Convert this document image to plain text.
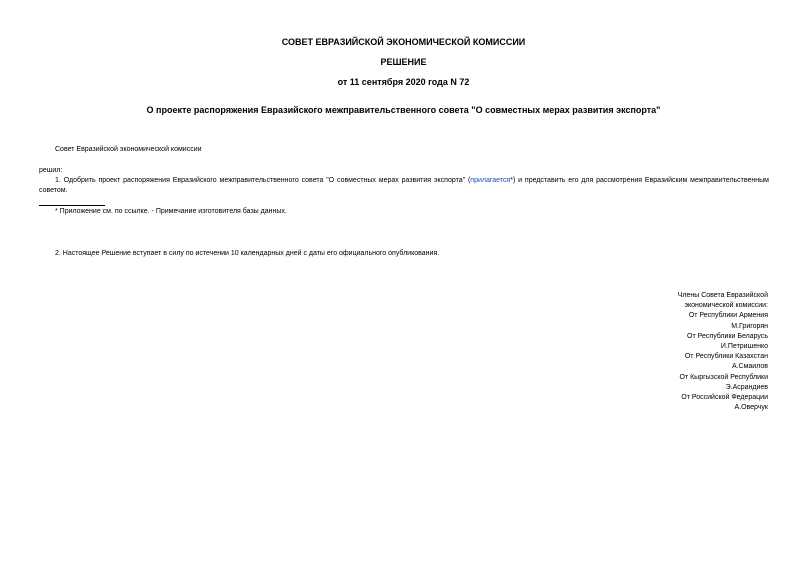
СОВЕТ ЕВРАЗИЙСКОЙ ЭКОНОМИЧЕСКОЙ КОМИССИИ
РЕШЕНИЕ
от 11 сентября 2020 года N 72
О проекте распоряжения Евразийского межправительственного совета "О совместных мерах развития экспорта"
Совет Евразийской экономической комиссии
решил:
1. Одобрить проект распоряжения Евразийского межправительственного совета "О совместных мерах развития экспорта" (прилагается*) и представить его для рассмотрения Евразийским межправительственным советом.
* Приложение см. по ссылке. - Примечание изготовителя базы данных.
2. Настоящее Решение вступает в силу по истечении 10 календарных дней с даты его официального опубликования.
Члены Совета Евразийской
экономической комиссии:
От Республики Армения
М.Григорян
От Республики Беларусь
И.Петришенко
От Республики Казахстан
А.Смаилов
От Кыргызской Республики
Э.Асрандиев
От Российской Федерации
А.Оверчук
